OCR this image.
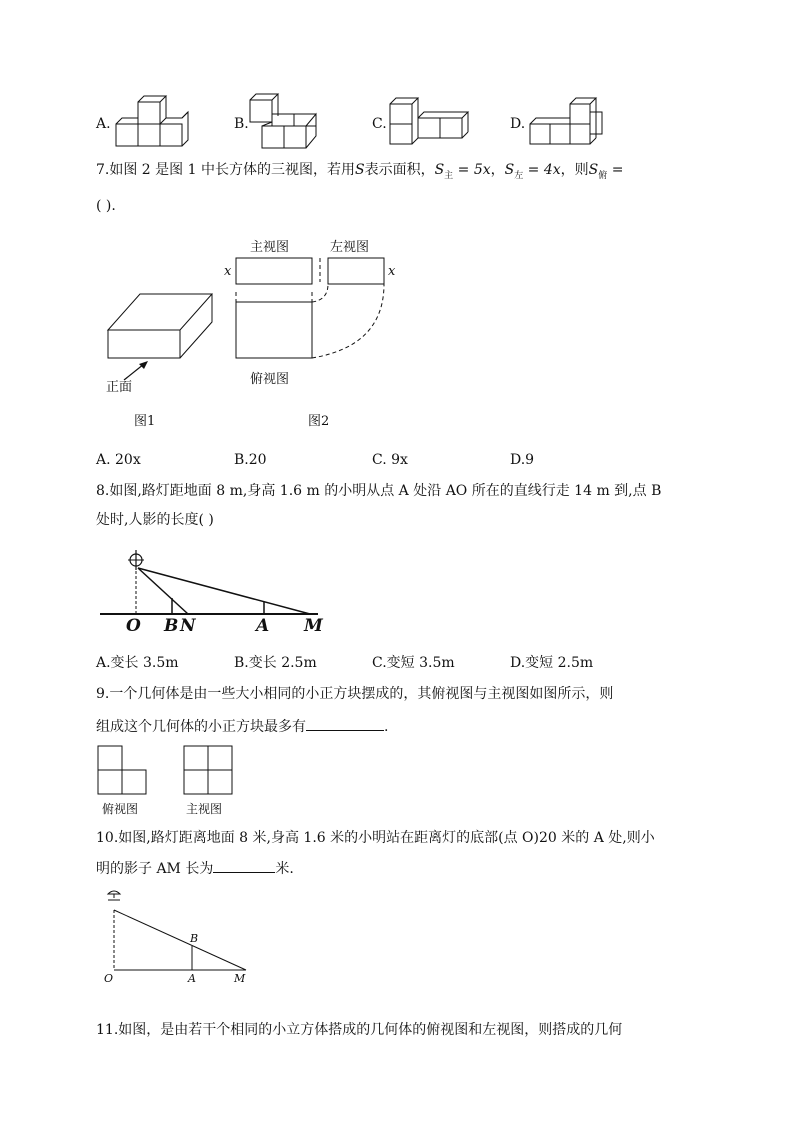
A.	B.	C.	D.
7.如图 2 是图 1 中长方体的三视图，若用S表示面积，$S_主 = 5x$，$S_左 = 4x$，则$S_俯$ =
( ).
正面
图1
主视图	左视图
x	x
俯视图
图2
A. 20x	B.20	C. 9x	D.9
8.如图,路灯距地面 8 m,身高 1.6 m 的小明从点 A 处沿 AO 所在的直线行走 14 m 到,点 B
处时,人影的长度( )
O B N	A M
A.变长 3.5m	B.变长 2.5m	C.变短 3.5m	D.变短 2.5m
9.一个几何体是由一些大小相同的小正方块摆成的，其俯视图与主视图如图所示，则
组成这个几何体的小正方块最多有	.
俯视图	主视图
10.如图,路灯距离地面 8 米,身高 1.6 米的小明站在距离灯的底部(点 O)20 米的 A 处,则小
明的影子 AM 长为	米.
O	A	M
B
11.如图，是由若干个相同的小立方体搭成的几何体的俯视图和左视图，则搭成的几何
